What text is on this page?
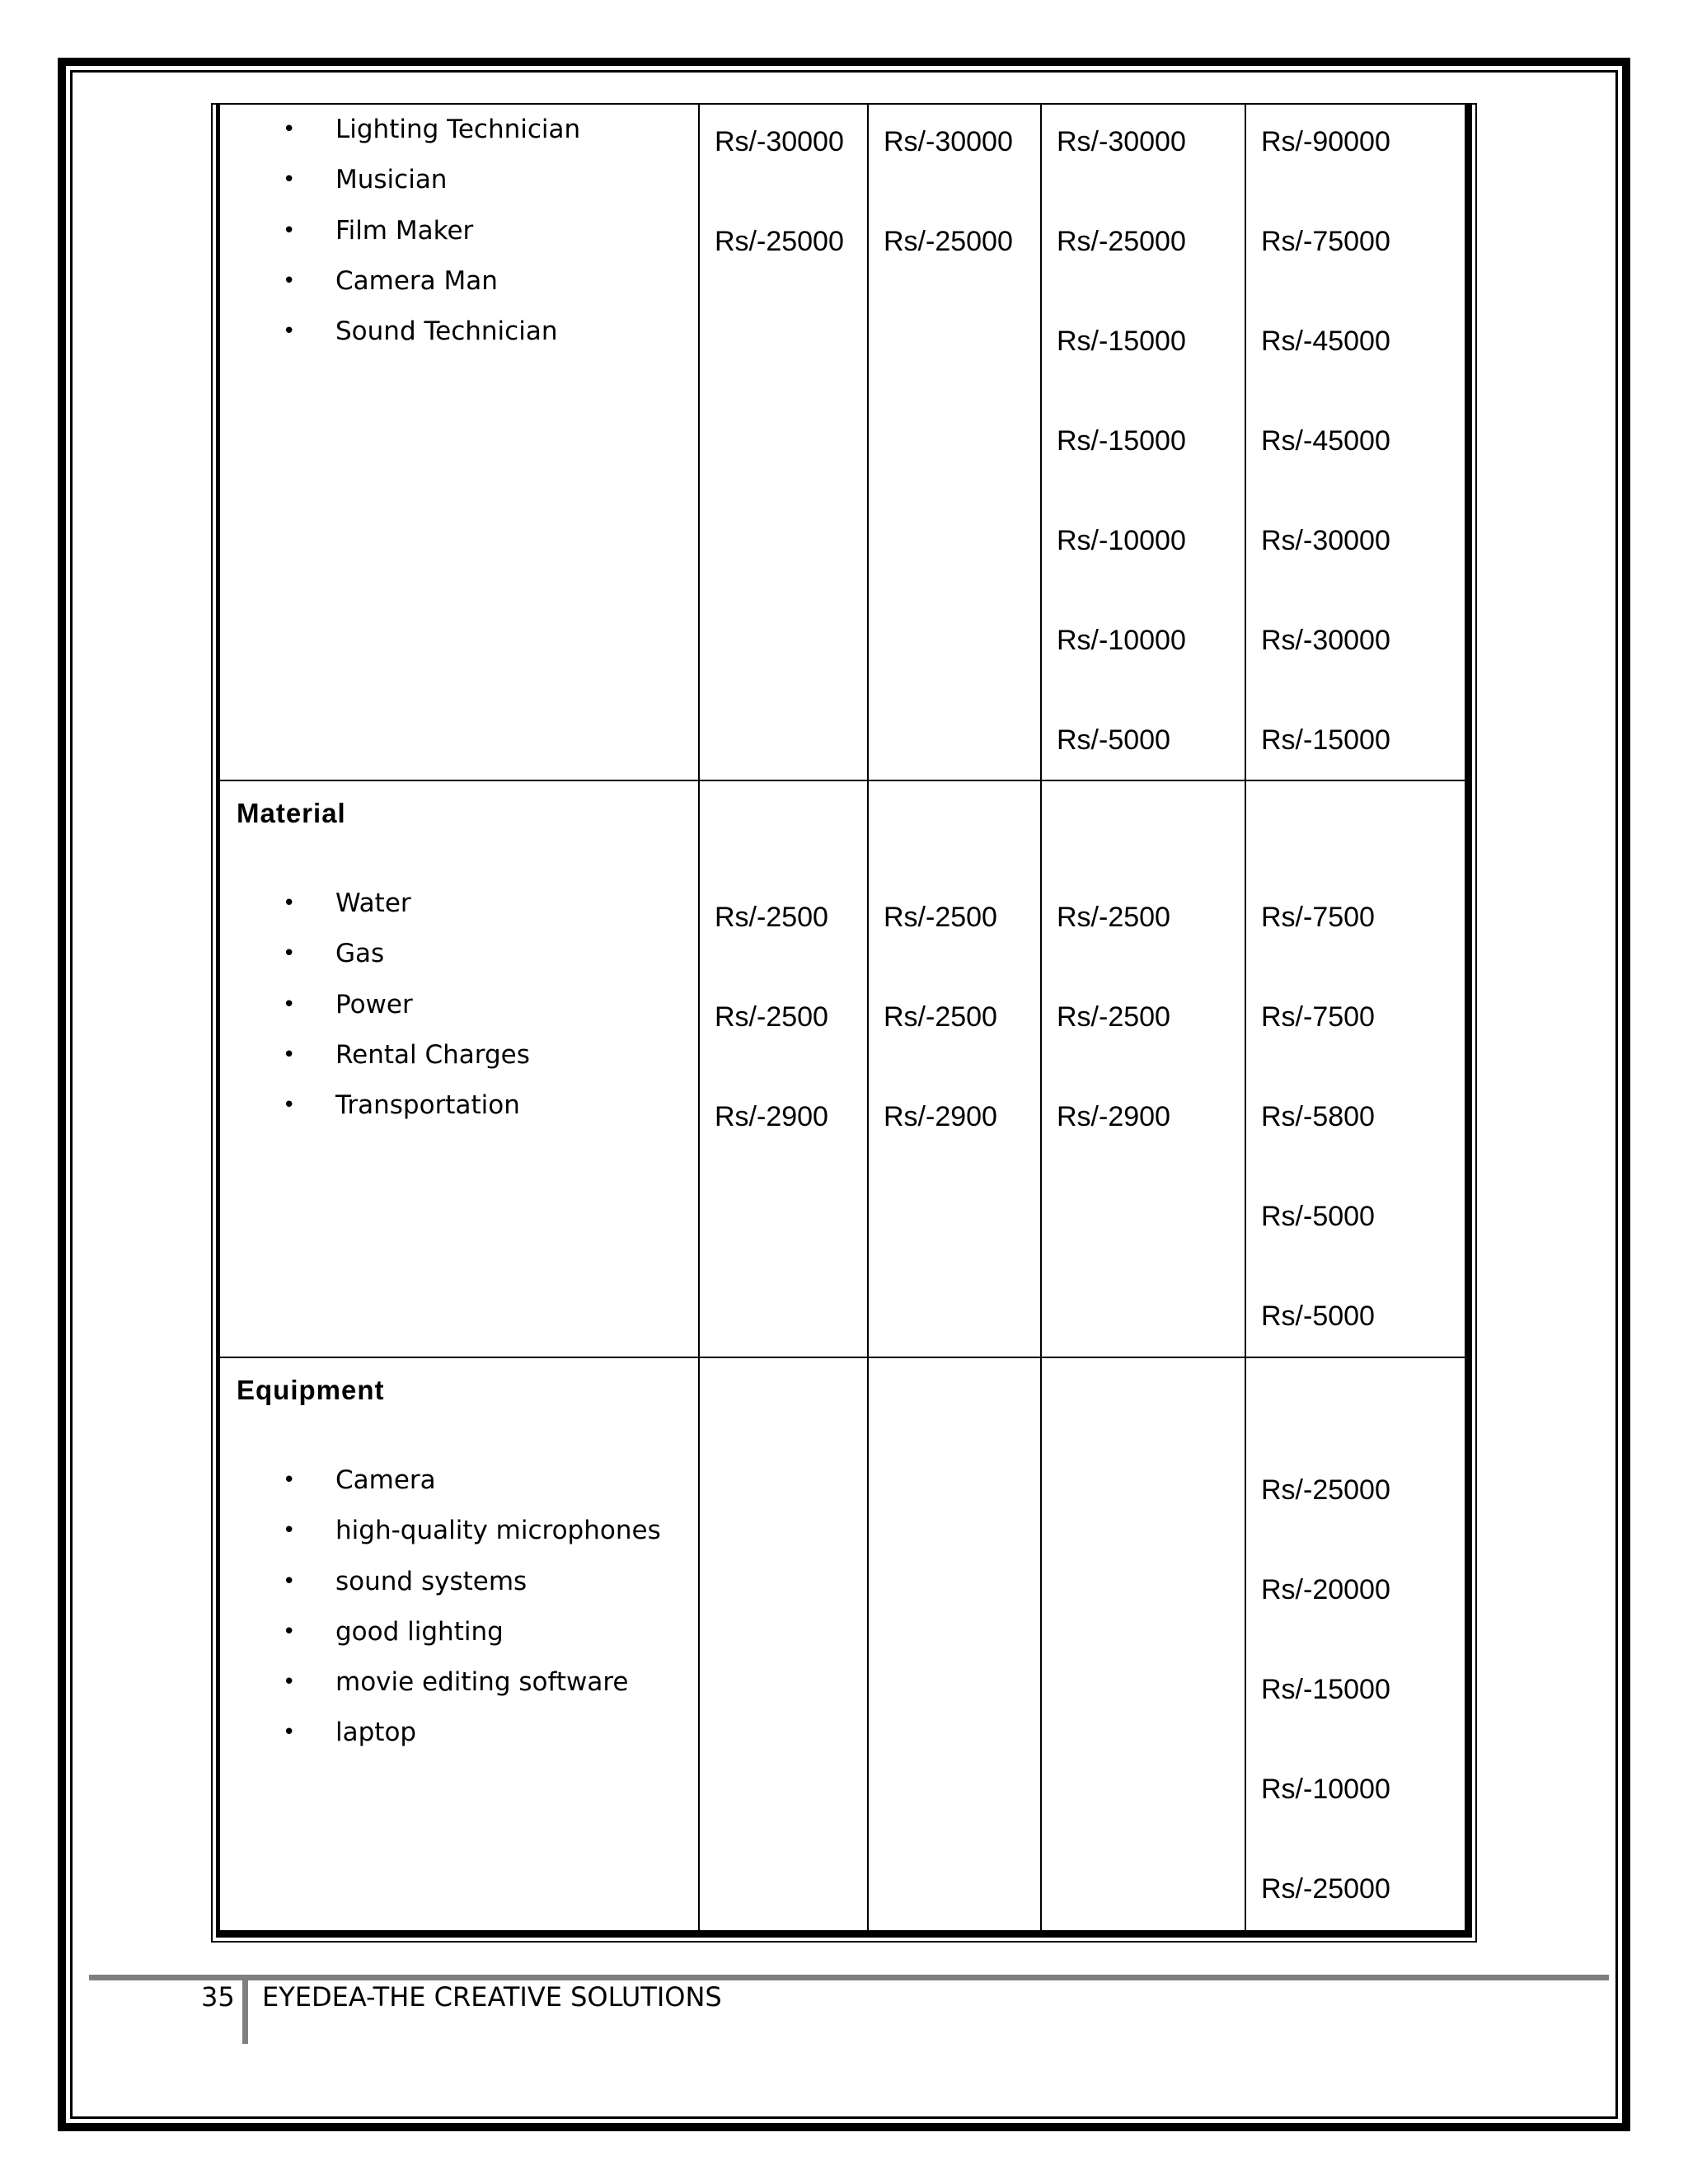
• Lighting Technician
• Musician
• Film Maker
• Camera Man
• Sound Technician
Rs/-30000
Rs/-25000
Rs/-30000
Rs/-25000
Rs/-30000
Rs/-25000
Rs/-15000
Rs/-15000
Rs/-10000
Rs/-10000
Rs/-5000
Rs/-90000
Rs/-75000
Rs/-45000
Rs/-45000
Rs/-30000
Rs/-30000
Rs/-15000
Material
• Water
• Gas
• Power
• Rental Charges
• Transportation
Rs/-2500
Rs/-2500
Rs/-2900
Rs/-2500
Rs/-2500
Rs/-2900
Rs/-2500
Rs/-2500
Rs/-2900
Rs/-7500
Rs/-7500
Rs/-5800
Rs/-5000
Rs/-5000
Equipment
• Camera
• high-quality microphones
• sound systems
• good lighting
• movie editing software
• laptop
Rs/-25000
Rs/-20000
Rs/-15000
Rs/-10000
Rs/-25000
35 EYEDEA-THE CREATIVE SOLUTIONS
